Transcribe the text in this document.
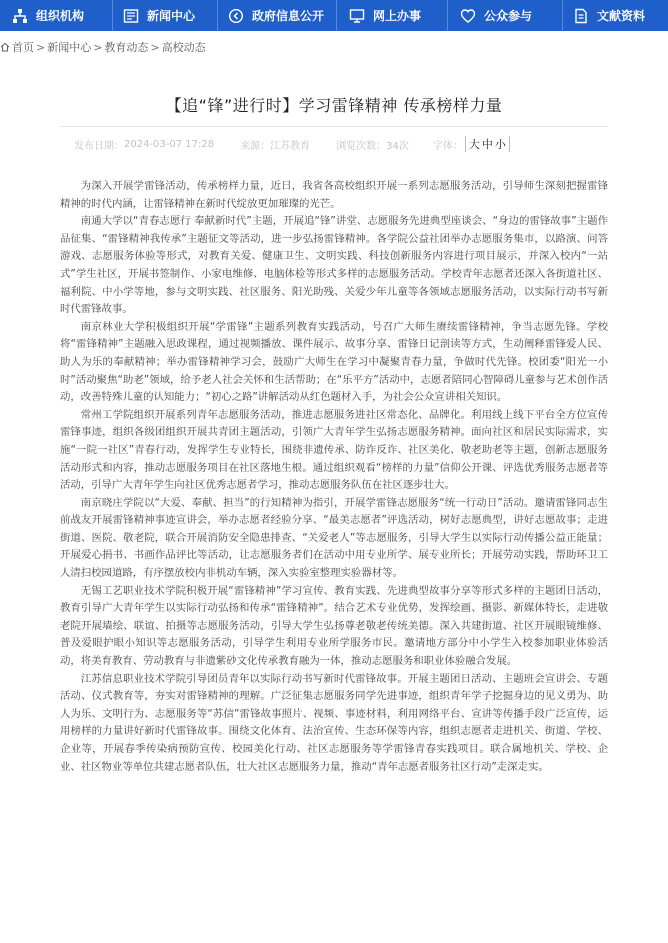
组织机构	新闻中心	政府信息公开	网上办事	公众参与	文献资料
首页 > 新闻中心 > 教育动态 > 高校动态
【追“锋”进行时】学习雷锋精神 传承榜样力量
发布日期： 2024-03-07 17:28	来源： 江苏教育	浏览次数： 34次 字体： 大 中 小

为深入开展学雷锋活动，传承榜样力量，近日，我省各高校组织开展一系列志愿服务活动，引导师生深刻把握雷锋精神的时代内涵，让雷锋精神在新时代绽放更加璀璨的光芒。

南通大学以“青春志愿行 奉献新时代”主题，开展追“锋”讲堂、志愿服务先进典型座谈会、“身边的雷锋故事”主题作品征集、“雷锋精神我传承”主题征文等活动，进一步弘扬雷锋精神。各学院公益社团举办志愿服务集市，以路演、问答游戏、志愿服务体验等形式，对教育关爱、健康卫生、文明实践、科技创新服务内容进行项目展示，并深入校内“一站式”学生社区，开展书签制作、小家电维修、电脑体检等形式多样的志愿服务活动。学校青年志愿者还深入各街道社区、福利院、中小学等地，参与文明实践、社区服务、阳光助残、关爱少年儿童等各领域志愿服务活动，以实际行动书写新时代雷锋故事。

南京林业大学积极组织开展“学雷锋”主题系列教育实践活动，号召广大师生赓续雷锋精神，争当志愿先锋。学校将“雷锋精神”主题融入思政课程，通过视频播放、课件展示、故事分享、雷锋日记剖读等方式，生动阐释雷锋爱人民、助人为乐的奉献精神；举办雷锋精神学习会，鼓励广大师生在学习中凝聚青春力量，争做时代先锋。校团委“阳光一小时”活动聚焦“助老”领域，给予老人社会关怀和生活帮助；在“乐平方”活动中，志愿者陪同心智障碍儿童参与艺术创作活动，改善特殊儿童的认知能力；“初心之路”讲解活动从红色题材入手，为社会公众宣讲相关知识。

常州工学院组织开展系列青年志愿服务活动，推进志愿服务进社区常态化、品牌化。利用线上线下平台全方位宣传雷锋事迹，组织各级团组织开展共青团主题活动，引领广大青年学生弘扬志愿服务精神。面向社区和居民实际需求，实施“一院一社区”青春行动，发挥学生专业特长，围绕非遗传承、防诈反诈、社区美化、敬老助老等主题，创新志愿服务活动形式和内容，推动志愿服务项目在社区落地生根。通过组织观看“榜样的力量”信仰公开课、评选优秀服务志愿者等活动，引导广大青年学生向社区优秀志愿者学习，推动志愿服务队伍在社区逐步壮大。

南京晓庄学院以“大爱、奉献、担当”的行知精神为指引，开展学雷锋志愿服务“统一行动日”活动。邀请雷锋同志生前战友开展雷锋精神事迹宣讲会，举办志愿者经验分享、“最美志愿者”评选活动，树好志愿典型，讲好志愿故事；走进街道、医院、敬老院，联合开展消防安全隐患排查、“关爱老人”等志愿服务，引导大学生以实际行动传播公益正能量；开展爱心捐书、书画作品评比等活动，让志愿服务者们在活动中用专业所学、展专业所长；开展劳动实践，帮助环卫工人清扫校园道路，有序摆放校内非机动车辆，深入实验室整理实验器材等。

无锡工艺职业技术学院积极开展“雷锋精神”学习宣传、教育实践、先进典型故事分享等形式多样的主题团日活动，教育引导广大青年学生以实际行动弘扬和传承“雷锋精神”。结合艺术专业优势，发挥绘画、摄影、新媒体特长，走进敬老院开展墙绘、联谊、拍摄等志愿服务活动，引导大学生弘扬尊老敬老传统美德。深入共建街道、社区开展眼镜维修、普及爱眼护眼小知识等志愿服务活动，引导学生利用专业所学服务市民。邀请地方部分中小学生入校参加职业体验活动，将美育教育、劳动教育与非遗紫砂文化传承教育融为一体，推动志愿服务和职业体验融合发展。

江苏信息职业技术学院引导团员青年以实际行动书写新时代雷锋故事。开展主题团日活动、主题班会宣讲会、专题活动、仪式教育等，夯实对雷锋精神的理解。广泛征集志愿服务同学先进事迹，组织青年学子挖掘身边的见义勇为、助人为乐、文明行为、志愿服务等“苏信”雷锋故事照片、视频、事迹材料，利用网络平台、宣讲等传播手段广泛宣传，运用榜样的力量讲好新时代雷锋故事。围绕文化体育、法治宣传、生态环保等内容，组织志愿者走进机关、街道、学校、企业等，开展春季传染病预防宣传、校园美化行动、社区志愿服务等学雷锋青春实践项目。联合属地机关、学校、企业、社区物业等单位共建志愿者队伍，壮大社区志愿服务力量，推动“青年志愿者服务社区行动”走深走实。
